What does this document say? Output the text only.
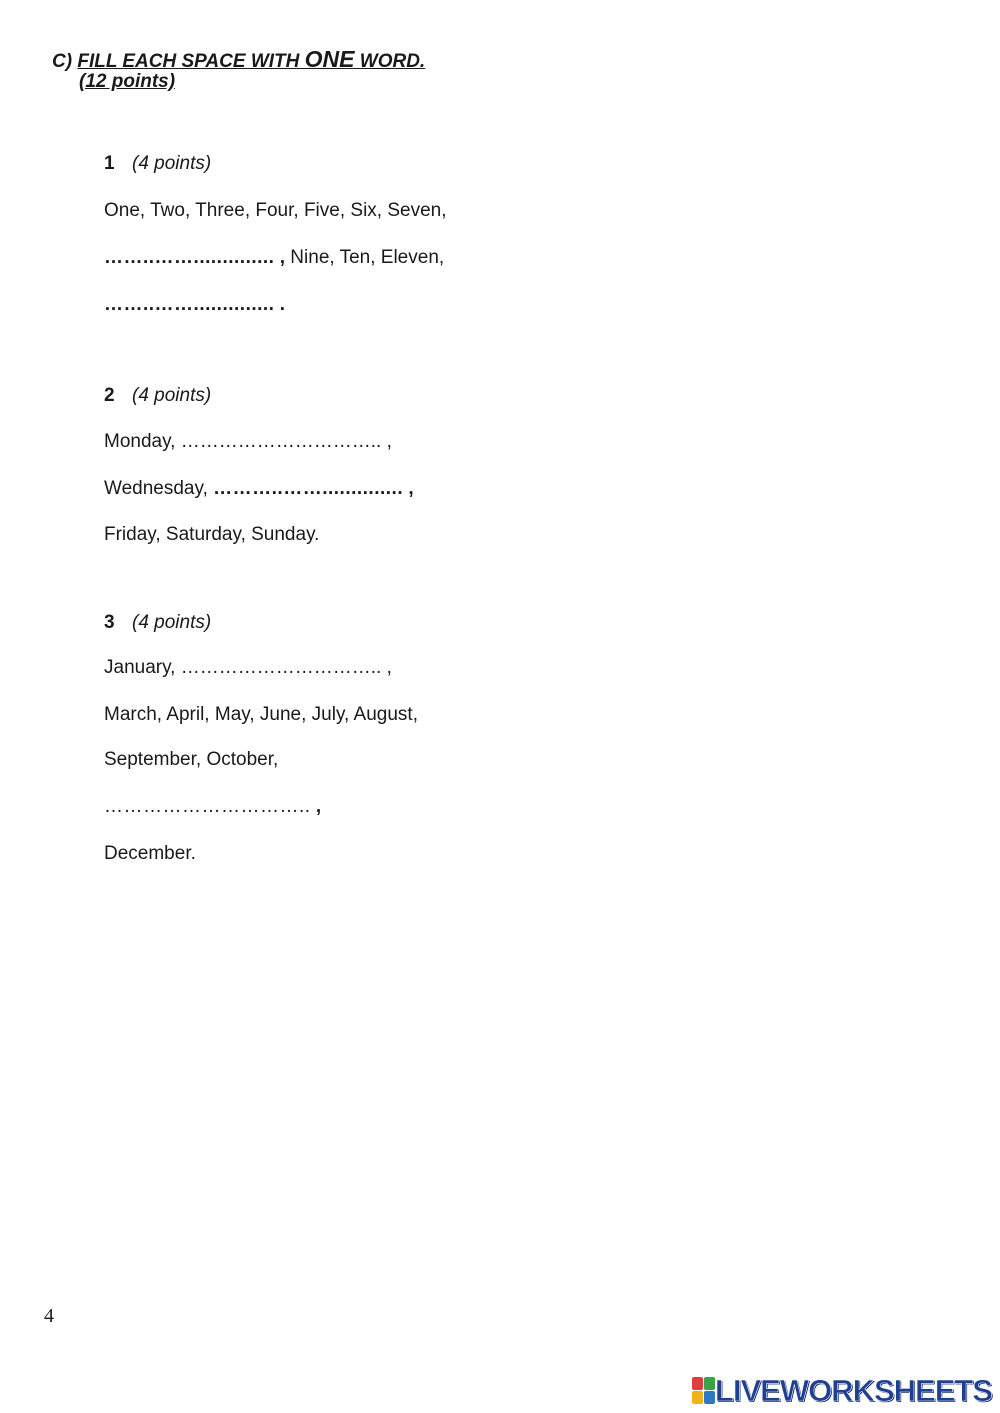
C) FILL EACH SPACE WITH ONE WORD.
(12 points)
1 (4 points)
One, Two, Three, Four, Five, Six, Seven,
……..…….............. , Nine, Ten, Eleven,
……..…….............. .
2 (4 points)
Monday, ………………………….. ,
Wednesday, ………..…….............. ,
Friday, Saturday, Sunday.
3 (4 points)
January, ………………………….. ,
March, April, May, June, July, August,
September, October,
………………………….. ,
December.
4
LIVEWORKSHEETS
